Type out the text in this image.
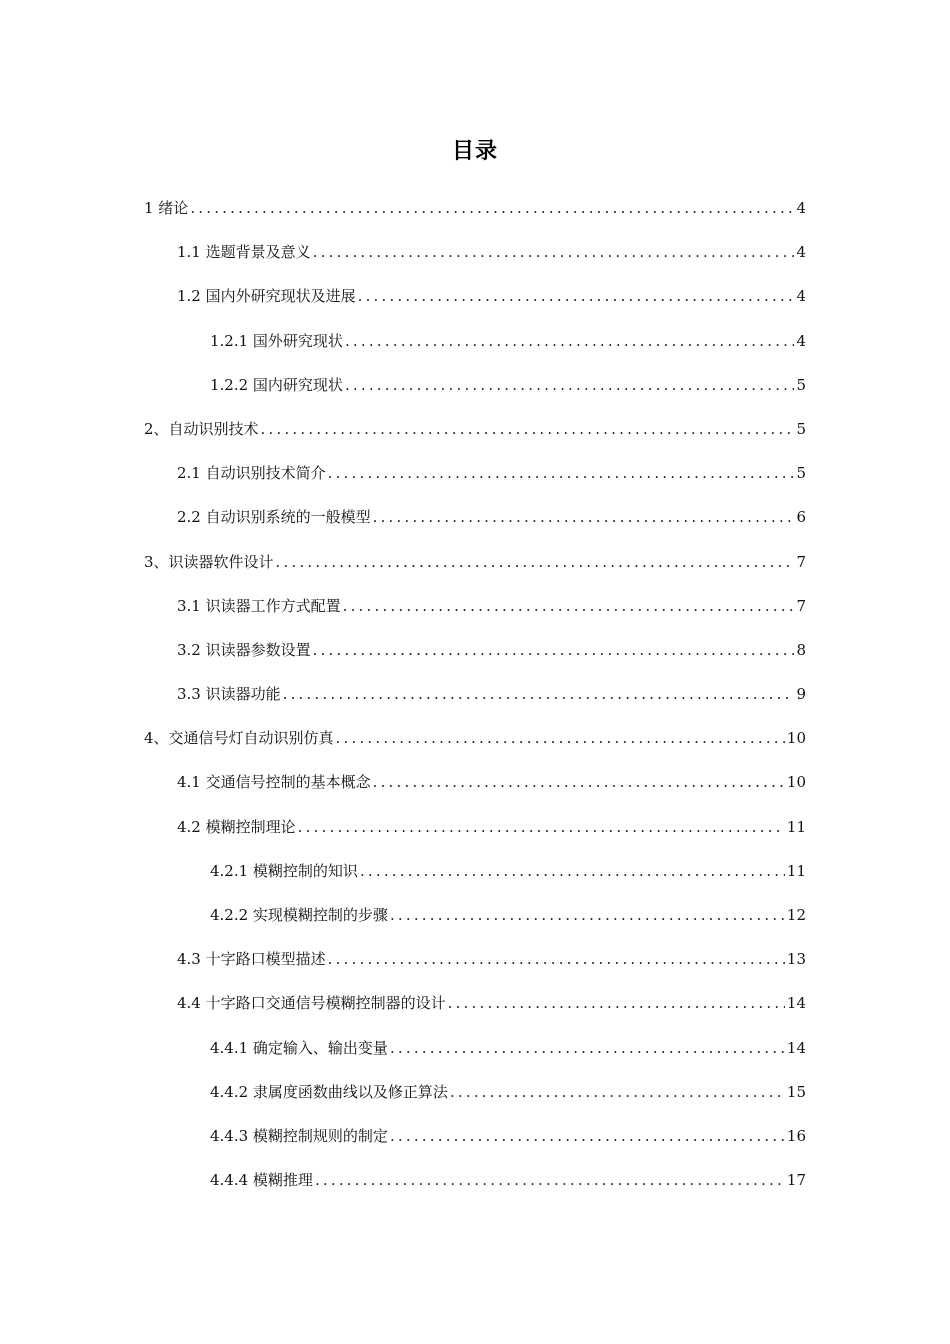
目录
1 绪论 .....	4
1.1 选题背景及意义 .....	4
1.2 国内外研究现状及进展 .....	4
1.2.1 国外研究现状 .....	4
1.2.2 国内研究现状 .....	5
2、自动识别技术 .....	5
2.1 自动识别技术简介 .....	5
2.2 自动识别系统的一般模型 .....	6
3、识读器软件设计 .....	7
3.1 识读器工作方式配置 .....	7
3.2 识读器参数设置 .....	8
3.3 识读器功能 .....	9
4、交通信号灯自动识别仿真 .....	10
4.1 交通信号控制的基本概念 .....	10
4.2 模糊控制理论 .....	11
4.2.1 模糊控制的知识 .....	11
4.2.2 实现模糊控制的步骤 .....	12
4.3 十字路口模型描述 .....	13
4.4 十字路口交通信号模糊控制器的设计 .....	14
4.4.1 确定输入、输出变量 .....	14
4.4.2 隶属度函数曲线以及修正算法 .....	15
4.4.3 模糊控制规则的制定 .....	16
4.4.4 模糊推理 .....	17
